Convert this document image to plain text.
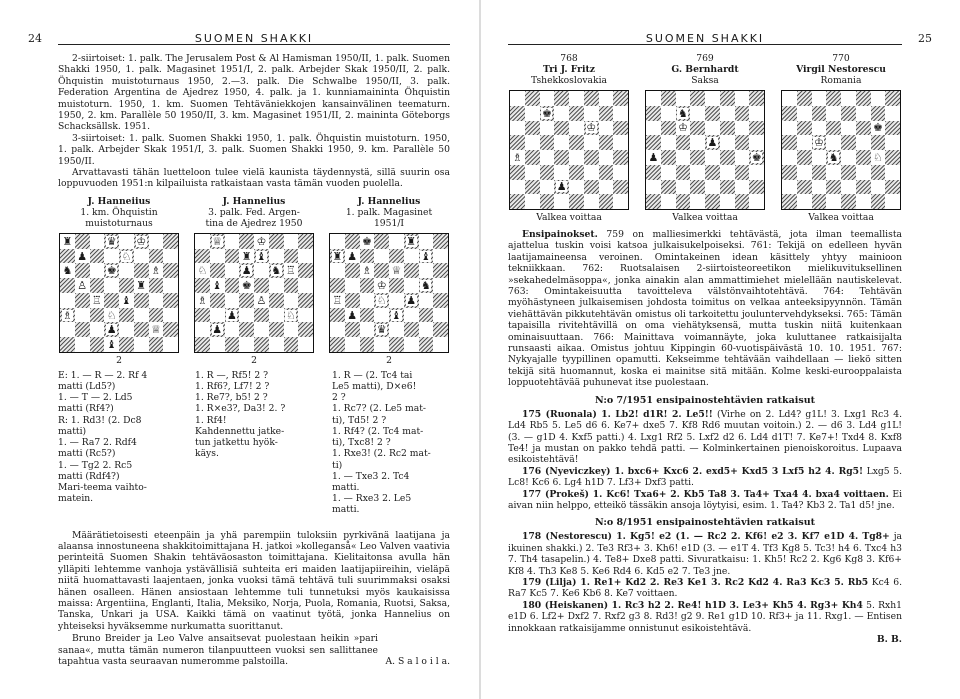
24	SUOMEN SHAKKI

2-siirtoiset: 1. palk. The Jerusalem Post & Al Hamisman 1950/II, 1. palk. Suomen Shakki 1950, 1. palk. Magasinet 1951/I, 2. palk. Arbejder Skak 1950/II, 2. palk. Öhquistin muistoturnaus 1950, 2.—3. palk. Die Schwalbe 1950/II, 3. palk. Federation Argentina de Ajedrez 1950, 4. palk. ja 1. kunniamaininta Öhquistin muistoturn. 1950, 1. km. Suomen Tehtäväniekkojen kansainvälinen teematurn. 1950, 2. km. Parallèle 50 1950/II, 3. km. Magasinet 1951/II, 2. maininta Göteborgs Schacksällsk. 1951.

3-siirtoiset: 1. palk. Suomen Shakki 1950, 1. palk. Öhquistin muistoturn. 1950, 1. palk. Arbejder Skak 1951/I, 3. palk. Suomen Shakki 1950, 9. km. Parallèle 50 1950/II.

Arvattavasti tähän luetteloon tulee vielä kaunista täydennystä, sillä suurin osa loppuvuoden 1951:n kilpailuista ratkaistaan vasta tämän vuoden puolella.

J. Hanneiius
1. km. Öhquistin
muistoturnaus
♜	♛ ♔
♟	♘
♞	♚	♗
♙	♜
♖ ♝
♗	♘
♟	♕
♝
2
J. Hannelius
3. palk. Fed. Argen-
tina de Ajedrez 1950
♕	♔
♜ ♝
♘	♟ ♞ ♖
♝ ♚
♗	♙
♟	♘
♟
2
J. Hannelius
1. palk. Magasinet
1951/I
♚	♜
♜ ♟	♝
♗ ♕
♔	♞
♖	♘ ♟
♟	♝
♛
2
E: 1. — R — 2. Rf 4
matti (Ld5?)
1. — T — 2. Ld5
matti (Rf4?)
R: 1. Rd3! (2. Dc8
matti)
1. — Ra7 2. Rdf4
matti (Rc5?)
1. — Tg2 2. Rc5
matti (Rdf4?)
Mari-teema vaihto-
matein.
1. R —, Rf5! 2 ?
1. Rf6?, Lf7! 2 ?
1. Re7?, b5! 2 ?
1. R×e3?, Da3! 2. ?
1. Rf4!
Kahdennettu jatke-
tun jatkettu hyök-
käys.
1. R — (2. Tc4 tai
Le5 matti), D×e6!
2 ?
1. Rc7? (2. Le5 mat-
ti), Td5! 2 ?
1. Rf4? (2. Tc4 mat-
ti), Txc8! 2 ?
1. Rxe3! (2. Rc2 mat-
ti)
1. — Txe3 2. Tc4
matti.
1. — Rxe3 2. Le5
matti.

Määrätietoisesti eteenpäin ja yhä parempiin tuloksiin pyrkivänä laatijana ja alaansa innostuneena shakkitoimittajana H. jatkoi »kolleganså« Leo Valven vaativia perinteitä Suomen Shakin tehtäväosaston toimittajana. Kielitaitonsa avulla hän ylläpiti lehtemme vanhoja ystävällisiä suhteita eri maiden laatijapiireihin, vieläpä niitä huomattavasti laajentaen, jonka vuoksi tämä tehtävä tuli suurimmaksi osaksi hänen osalleen. Hänen ansiostaan lehtemme tuli tunnetuksi myös kaukaisissa maissa: Argentiina, Englanti, Italia, Meksiko, Norja, Puola, Romania, Ruotsi, Saksa, Tanska, Unkari ja USA. Kaikki tämä on vaatinut työtä, jonka Hannelius on yhteiseksi hyväksemme nurkumatta suorittanut.

Bruno Breider ja Leo Valve ansaitsevat puolestaan heikin »pari sanaa«, mutta tämän numeron tilanpuutteen vuoksi sen sallittanee tapahtua vasta seuraavan numeromme palstoilla.	A. S a l o i l a.
SUOMEN SHAKKI	25
768
Tri J. Fritz
Tshekkoslovakia
♚
♔
♗
♟
Valkea voittaa
769
G. Bernhardt
Saksa
♞
♔
♟
♟	♚
Valkea voittaa
770
Virgil Nestorescu
Romania
♚
♔
♞	♘
Valkea voittaa

Ensipainokset. 759 on malliesimerkki tehtävästä, jota ilman teemallista ajattelua tuskin voisi katsoa julkaisukelpoiseksi. 761: Tekijä on edelleen hyvän laatijamaineensa veroinen. Omintakeinen idean käsittely yhtyy mainioon tekniikkaan. 762: Ruotsalaisen 2-siirtoisteoreetikon mielikuvituksellinen »sekahedelmäsoppa«, jonka ainakin alan ammattimiehet mielellään nautiskelevat. 763: Omintakeisuutta tavoitteleva välstönvaihtotehtävä. 764: Tehtävän myöhästyneen julkaisemisen johdosta toimitus on velkaa anteeksipyynnön. Tämän viehättävän pikkutehtävän omistus oli tarkoitettu jouluntervehdykseksi. 765: Tämän tapaisilla rivitehtävillä on oma viehätyksensä, mutta tuskin niitä kuitenkaan ominaisuuttaan. 766: Mainittava voimannäyte, joka kuluttanee ratkaisijalta runsaasti aikaa. Omistus johtuu Kippingin 60-vuotispäivästä 10. 10. 1951. 767: Nykyajalle tyypillinen opamutti. Kekseimme tehtävään vaihdellaan — liekö sitten tekijä sitä huomannut, koska ei mainitse sitä mitään. Kolme keski-eurooppalaista loppuotehtävää puhunevat itse puolestaan.

N:o 7/1951 ensipainostehtävien ratkaisut

175 (Ruonala) 1. Lb2! d1R! 2. Le5!! (Virhe on 2. Ld4? g1L! 3. Lxg1 Rc3 4. Ld4 Rb5 5. Le5 d6 6. Ke7+ dxe5 7. Kf8 Rd6 muutan voitoin.) 2. — d6 3. Ld4 g1L! (3. — g1D 4. Kxf5 patti.) 4. Lxg1 Rf2 5. Lxf2 d2 6. Ld4 d1T! 7. Ke7+! Txd4 8. Kxf8 Te4! ja mustan on pakko tehdä patti. — Kolminkertainen pienoiskoroitus. Lupaava esikoistehtävä!

176 (Nyeviczkey) 1. bxc6+ Kxc6 2. exd5+ Kxd5 3 Lxf5 h2 4. Rg5! Lxg5 5. Lc8! Kc6 6. Lg4 h1D 7. Lf3+ Dxf3 patti.

177 (Prokeš) 1. Kc6! Txa6+ 2. Kb5 Ta8 3. Ta4+ Txa4 4. bxa4 voittaen. Ei aivan niin helppo, etteikö tässäkin ansoja löytyisi, esim. 1. Ta4? Kb3 2. Ta1 d5! jne.

N:o 8/1951 ensipainostehtävien ratkaisut

178 (Nestorescu) 1. Kg5! e2 (1. — Rc2 2. Kf6! e2 3. Kf7 e1D 4. Tg8+ ja ikuinen shakki.) 2. Te3 Rf3+ 3. Kh6! e1D (3. — e1T 4. Tf3 Kg8 5. Tc3! h4 6. Txc4 h3 7. Th4 tasapelin.) 4. Te8+ Dxe8 patti. Sivuratkaisu: 1. Kh5! Rc2 2. Kg6 Kg8 3. Kf6+ Kf8 4. Th3 Ke8 5. Ke6 Rd4 6. Kd5 e2 7. Te3 jne.

179 (Lilja) 1. Re1+ Kd2 2. Re3 Ke1 3. Rc2 Kd2 4. Ra3 Kc3 5. Rb5 Kc4 6. Ra7 Kc5 7. Ke6 Kb6 8. Ke7 voittaen.

180 (Heiskanen) 1. Rc3 h2 2. Re4! h1D 3. Le3+ Kh5 4. Rg3+ Kh4 5. Rxh1 e1D 6. Lf2+ Dxf2 7. Rxf2 g3 8. Rd3! g2 9. Re1 g1D 10. Rf3+ ja 11. Rxg1. — Entisen innokkaan ratkaisijamme onnistunut esikoistehtävä.

B. B.
